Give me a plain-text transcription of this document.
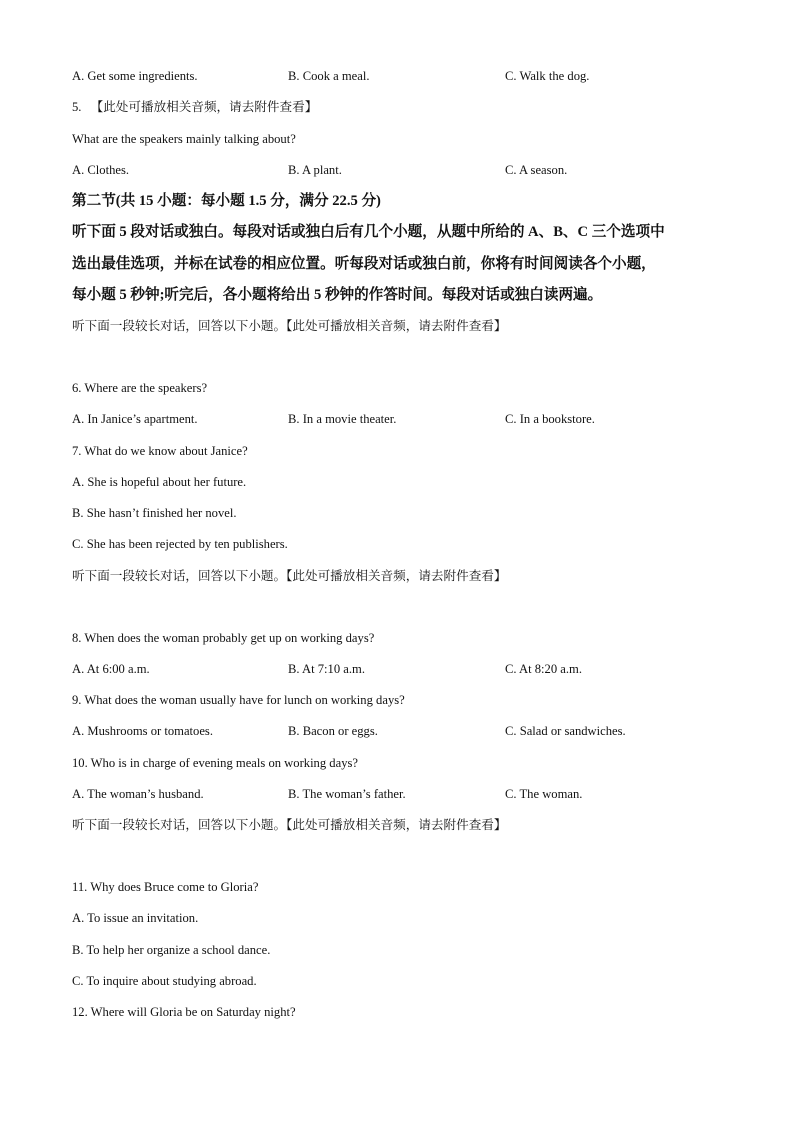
A. Get some ingredients.	B. Cook a meal.	C. Walk the dog.
5. 【此处可播放相关音频，请去附件查看】
What are the speakers mainly talking about?
A. Clothes.	B. A plant.	C. A season.
第二节(共 15 小题：每小题 1.5 分，满分 22.5 分)
听下面 5 段对话或独白。每段对话或独白后有几个小题，从题中所给的 A、B、C 三个选项中
选出最佳选项，并标在试卷的相应位置。听每段对话或独白前，你将有时间阅读各个小题，
每小题 5 秒钟;听完后，各小题将给出 5 秒钟的作答时间。每段对话或独白读两遍。
听下面一段较长对话，回答以下小题。【此处可播放相关音频，请去附件查看】
6. Where are the speakers?
A. In Janice’s apartment.	B. In a movie theater.	C. In a bookstore.
7. What do we know about Janice?
A. She is hopeful about her future.
B. She hasn’t finished her novel.
C. She has been rejected by ten publishers.
听下面一段较长对话，回答以下小题。【此处可播放相关音频，请去附件查看】
8. When does the woman probably get up on working days?
A. At 6:00 a.m.	B. At 7:10 a.m.	C. At 8:20 a.m.
9. What does the woman usually have for lunch on working days?
A. Mushrooms or tomatoes.	B. Bacon or eggs.	C. Salad or sandwiches.
10. Who is in charge of evening meals on working days?
A. The woman’s husband.	B. The woman’s father.	C. The woman.
听下面一段较长对话，回答以下小题。【此处可播放相关音频，请去附件查看】
11. Why does Bruce come to Gloria?
A. To issue an invitation.
B. To help her organize a school dance.
C. To inquire about studying abroad.
12. Where will Gloria be on Saturday night?
